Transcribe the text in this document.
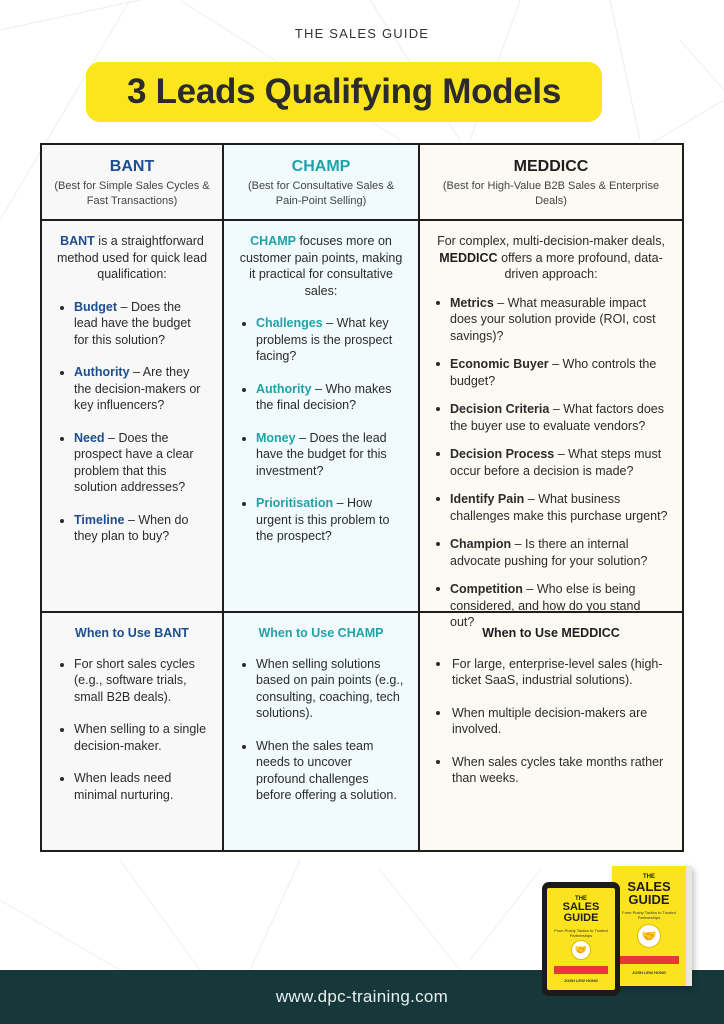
THE SALES GUIDE
3 Leads Qualifying Models
BANT
(Best for Simple Sales Cycles & Fast Transactions)
CHAMP
(Best for Consultative Sales & Pain-Point Selling)
MEDDICC
(Best for High-Value B2B Sales & Enterprise Deals)

BANT is a straightforward method used for quick lead qualification:

Budget – Does the lead have the budget for this solution?
Authority – Are they the decision-makers or key influencers?
Need – Does the prospect have a clear problem that this solution addresses?
Timeline – When do they plan to buy?

CHAMP focuses more on customer pain points, making it practical for consultative sales:

Challenges – What key problems is the prospect facing?
Authority – Who makes the final decision?
Money – Does the lead have the budget for this investment?
Prioritisation – How urgent is this problem to the prospect?

For complex, multi-decision-maker deals, MEDDICC offers a more profound, data-driven approach:

Metrics – What measurable impact does your solution provide (ROI, cost savings)?
Economic Buyer – Who controls the budget?
Decision Criteria – What factors does the buyer use to evaluate vendors?
Decision Process – What steps must occur before a decision is made?
Identify Pain – What business challenges make this purchase urgent?
Champion – Is there an internal advocate pushing for your solution?
Competition – Who else is being considered, and how do you stand out?
When to Use BANT
For short sales cycles (e.g., software trials, small B2B deals).
When selling to a single decision-maker.
When leads need minimal nurturing.
When to Use CHAMP
When selling solutions based on pain points (e.g., consulting, coaching, tech solutions).
When the sales team needs to uncover profound challenges before offering a solution.
When to Use MEDDICC
For large, enterprise-level sales (high-ticket SaaS, industrial solutions).
When multiple decision-makers are involved.
When sales cycles take months rather than weeks.
www.dpc-training.com
THE
SALES GUIDE
From Pushy Tactics to Trusted Partnerships
🤝
JOSH LEW HONG
THE
SALES GUIDE
From Pushy Tactics to Trusted Partnerships
🤝
JOSH LEW HONG
